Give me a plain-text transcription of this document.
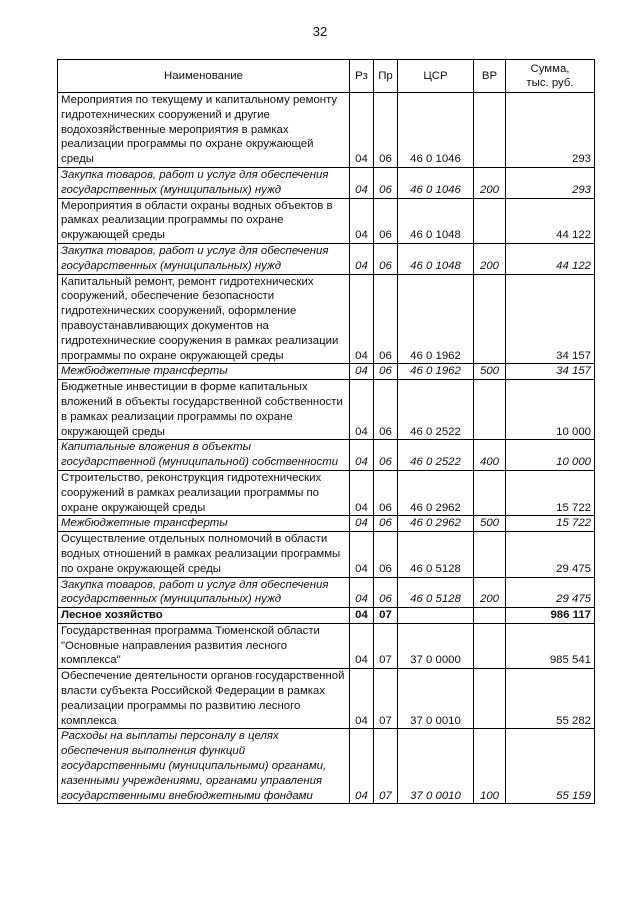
32
Наименование	Рз	Пр	ЦСР	ВР	Сумма,
тыс. руб.

Мероприятия по текущему и капитальному ремонту гидротехнических сооружений и другие водохозяйственные мероприятия в рамках реализации программы по охране окружающей среды	04	06	46 0 1046		293
Закупка товаров, работ и услуг для обеспечения государственных (муниципальных) нужд	04	06	46 0 1046	200	293
Мероприятия в области охраны водных объектов в рамках реализации программы по охране окружающей среды	04	06	46 0 1048		44 122
Закупка товаров, работ и услуг для обеспечения государственных (муниципальных) нужд	04	06	46 0 1048	200	44 122
Капитальный ремонт, ремонт гидротехнических сооружений, обеспечение безопасности гидротехнических сооружений, оформление правоустанавливающих документов на гидротехнические сооружения в рамках реализации программы по охране окружающей среды	04	06	46 0 1962		34 157
Межбюджетные трансферты	04	06	46 0 1962	500	34 157
Бюджетные инвестиции в форме капитальных вложений в объекты государственной собственности в рамках реализации программы по охране окружающей среды	04	06	46 0 2522		10 000
Капитальные вложения в объекты государственной (муниципальной) собственности	04	06	46 0 2522	400	10 000
Строительство, реконструкция гидротехнических сооружений в рамках реализации программы по охране окружающей среды	04	06	46 0 2962		15 722
Межбюджетные трансферты	04	06	46 0 2962	500	15 722
Осуществление отдельных полномочий в области водных отношений в рамках реализации программы по охране окружающей среды	04	06	46 0 5128		29 475
Закупка товаров, работ и услуг для обеспечения государственных (муниципальных) нужд	04	06	46 0 5128	200	29 475
Лесное хозяйство	04	07			986 117
Государственная программа Тюменской области "Основные направления развития лесного комплекса"	04	07	37 0 0000		985 541
Обеспечение деятельности органов государственной власти субъекта Российской Федерации в рамках реализации программы по развитию лесного комплекса	04	07	37 0 0010		55 282
Расходы на выплаты персоналу в целях обеспечения выполнения функций государственными (муниципальными) органами, казенными учреждениями, органами управления государственными внебюджетными фондами	04	07	37 0 0010	100	55 159
